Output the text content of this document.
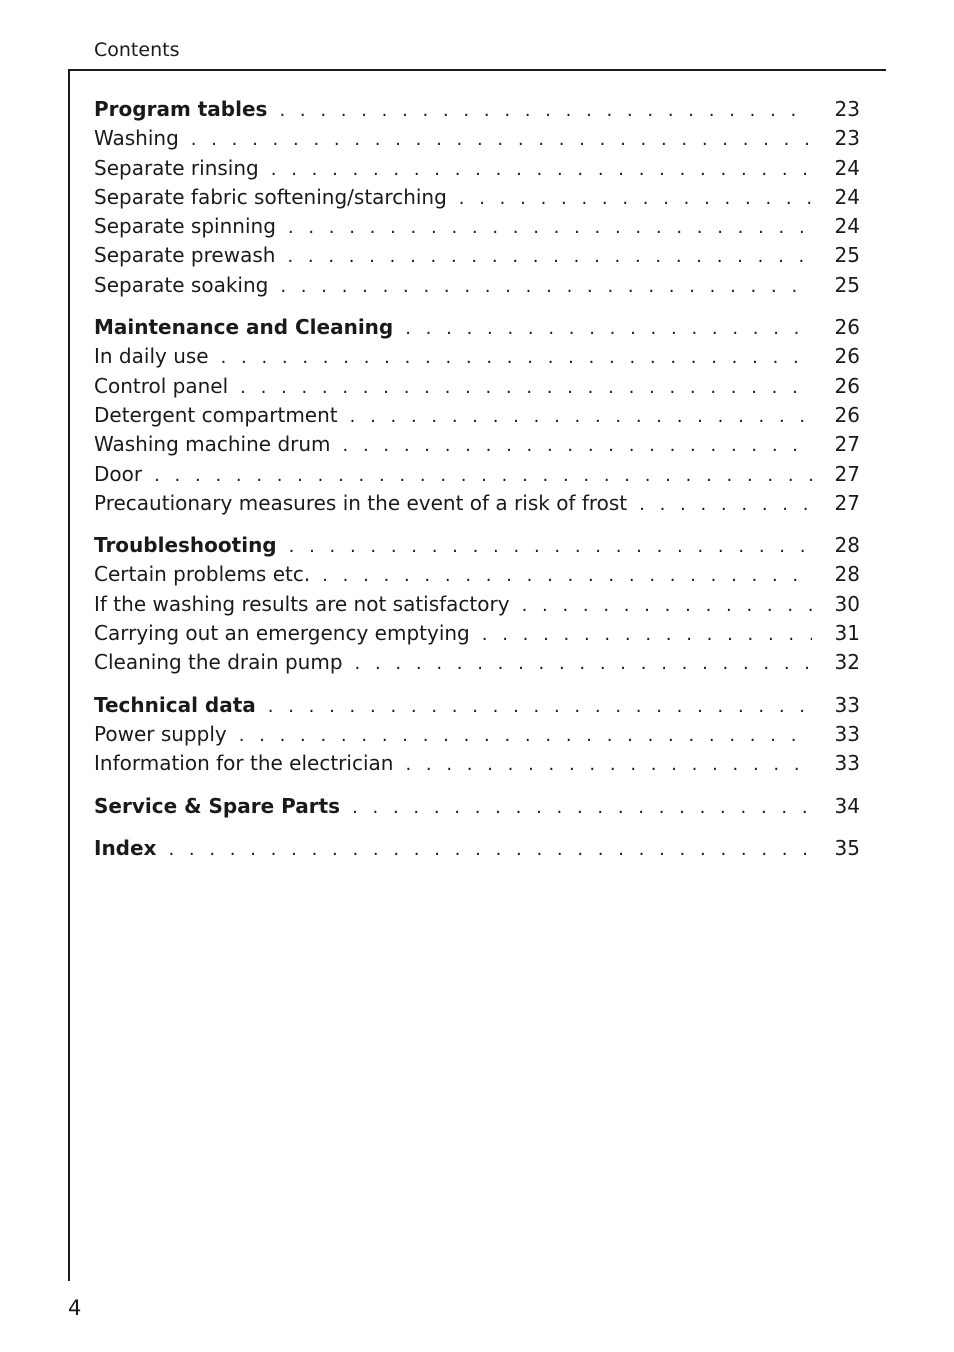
Contents
Program tables . . .	23
Washing . . .	23
Separate rinsing . . .	24
Separate fabric softening/starching . . .	24
Separate spinning . . .	24
Separate prewash . . .	25
Separate soaking . . .	25
Maintenance and Cleaning . . .	26
In daily use . . .	26
Control panel . . .	26
Detergent compartment . . .	26
Washing machine drum . . .	27
Door . . .	27
Precautionary measures in the event of a risk of frost . . .	27
Troubleshooting . . .	28
Certain problems etc. . . .	28
If the washing results are not satisfactory . . .	30
Carrying out an emergency emptying . . .	31
Cleaning the drain pump . . .	32
Technical data . . .	33
Power supply . . .	33
Information for the electrician . . .	33
Service & Spare Parts . . .	34
Index . . .	35
4
